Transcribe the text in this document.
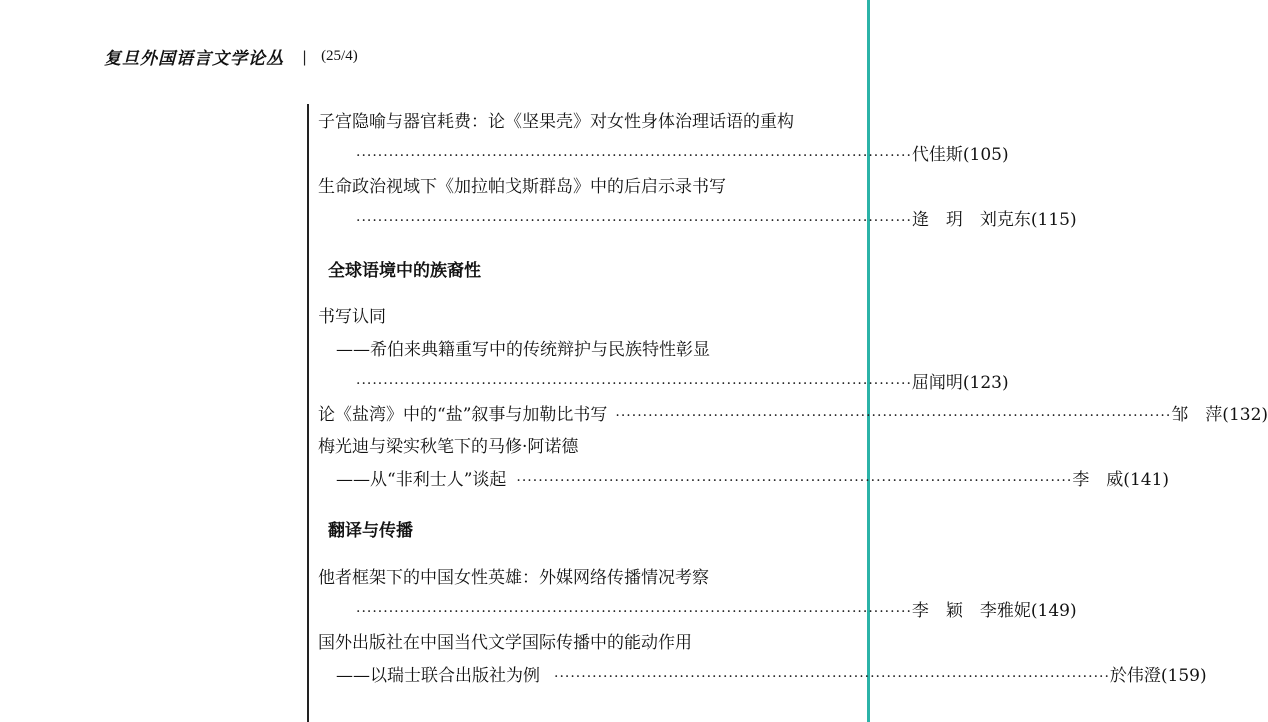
复旦外国语言文学论丛 | (25/4)
子宫隐喻与器官耗费：论《坚果壳》对女性身体治理话语的重构
······································································································ 代佳斯(105)
生命政治视域下《加拉帕戈斯群岛》中的后启示录书写
······································································································ 逄　玥　刘克东(115)
全球语境中的族裔性
书写认同
——希伯来典籍重写中的传统辩护与民族特性彰显
······································································································ 屈闻明(123)
论《盐湾》中的“盐”叙事与加勒比书写 ······································································································ 邹　萍(132)
梅光迪与梁实秋笔下的马修·阿诺德
——从“非利士人”谈起 ······································································································ 李　威(141)
翻译与传播
他者框架下的中国女性英雄：外媒网络传播情况考察
······································································································ 李　颖　李雅妮(149)
国外出版社在中国当代文学国际传播中的能动作用
——以瑞士联合出版社为例	······································································································ 於伟澄(159)
